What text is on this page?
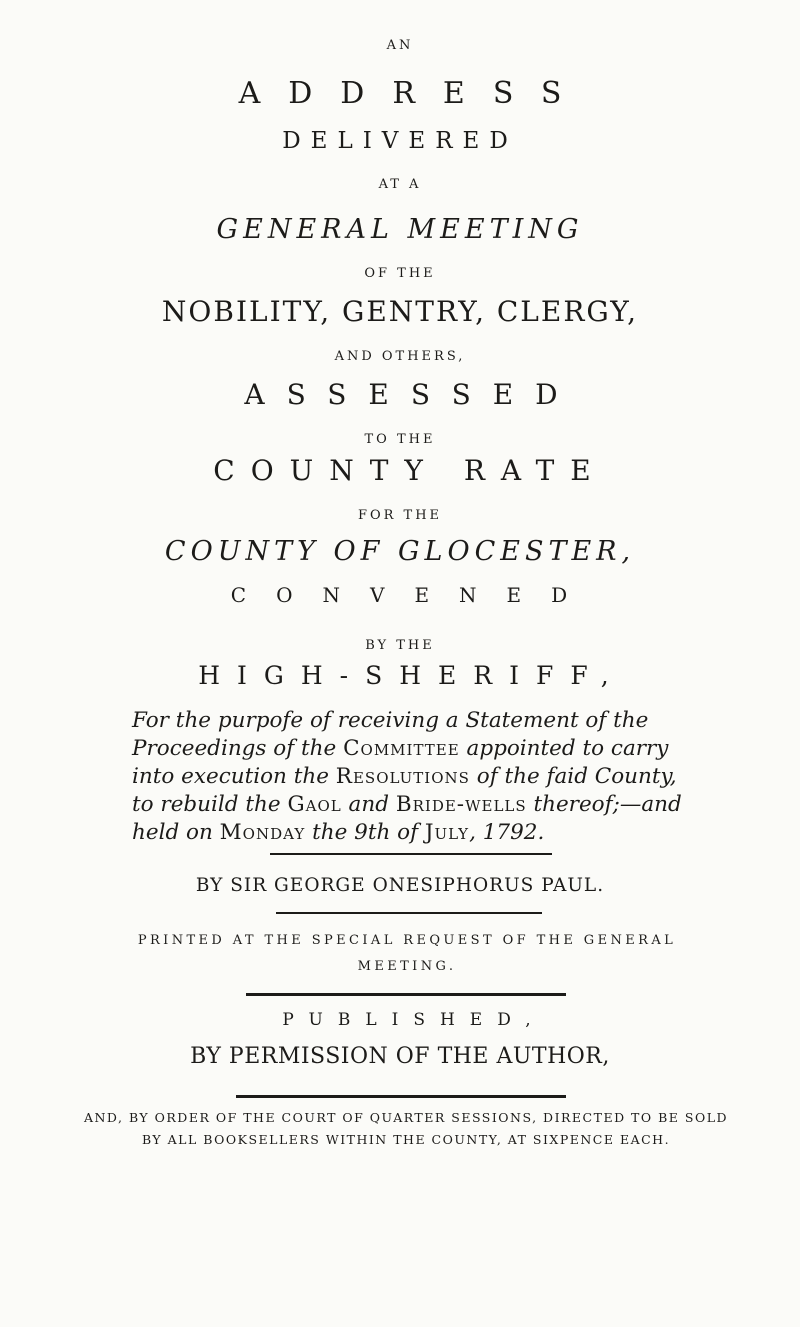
AN
ADDRESS
DELIVERED
AT A
GENERAL MEETING
OF THE
NOBILITY, GENTRY, CLERGY,
AND OTHERS,
ASSESSED
TO THE
COUNTY RATE
FOR THE
COUNTY OF GLOCESTER,
CONVENED
BY THE
HIGH-SHERIFF,
For the purpofe of receiving a Statement of the Proceedings of the Committee appointed to carry into execution the Resolutions of the faid County, to rebuild the Gaol and Bride-wells thereof;—and held on Monday the 9th of July, 1792.
BY SIR GEORGE ONESIPHORUS PAUL.
PRINTED AT THE SPECIAL REQUEST OF THE GENERAL MEETING.
PUBLISHED,
BY PERMISSION OF THE AUTHOR,
AND, BY ORDER OF THE COURT OF QUARTER SESSIONS, DIRECTED TO BE SOLD BY ALL BOOKSELLERS WITHIN THE COUNTY, AT SIXPENCE EACH.
